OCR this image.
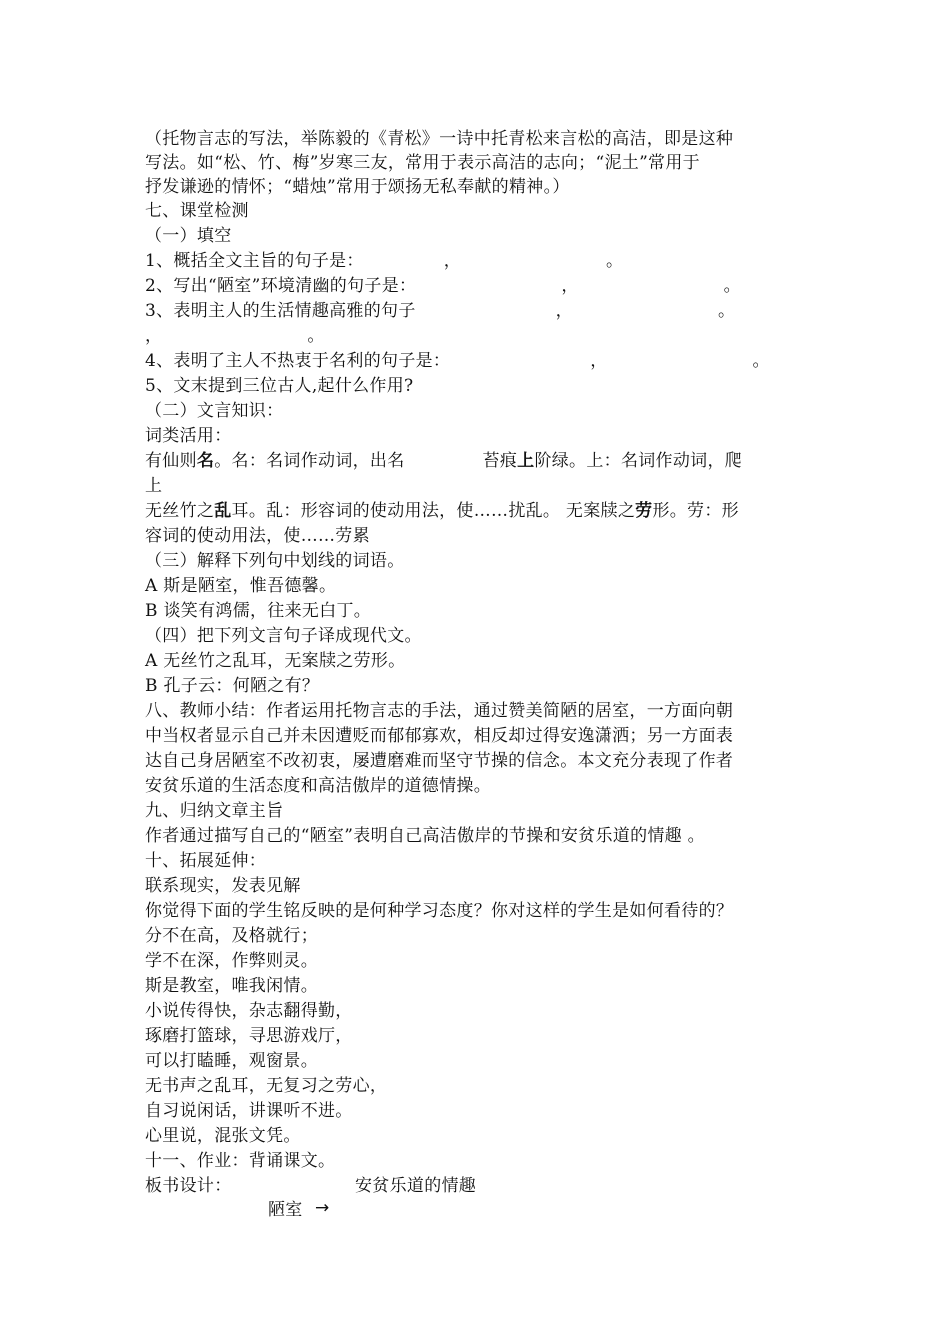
（托物言志的写法，举陈毅的《青松》一诗中托青松来言松的高洁，即是这种
写法。如“松、竹、梅”岁寒三友，常用于表示高洁的志向；“泥土”常用于
抒发谦逊的情怀；“蜡烛”常用于颂扬无私奉献的精神。）
七、课堂检测
（一）填空
1、概括全文主旨的句子是：	，	。
2、写出“陋室”环境清幽的句子是：	，	。
3、表明主人的生活情趣高雅的句子	，	。
，	。
4、表明了主人不热衷于名利的句子是：	，	。
5、文末提到三位古人,起什么作用?
（二）文言知识：
词类活用：
有仙则名。名：名词作动词，出名	苔痕上阶绿。上：名词作动词，爬
上
无丝竹之乱耳。乱：形容词的使动用法，使……扰乱。 无案牍之劳形。劳：形
容词的使动用法，使……劳累
（三）解释下列句中划线的词语。
A 斯是陋室，惟吾德馨。
B 谈笑有鸿儒，往来无白丁。
（四）把下列文言句子译成现代文。
A 无丝竹之乱耳，无案牍之劳形。
B 孔子云：何陋之有？
八、教师小结：作者运用托物言志的手法，通过赞美简陋的居室，一方面向朝
中当权者显示自己并未因遭贬而郁郁寡欢，相反却过得安逸潇洒；另一方面表
达自己身居陋室不改初衷，屡遭磨难而坚守节操的信念。本文充分表现了作者
安贫乐道的生活态度和高洁傲岸的道德情操。
九、归纳文章主旨
作者通过描写自己的“陋室”表明自己高洁傲岸的节操和安贫乐道的情趣 。
十、拓展延伸：
联系现实，发表见解
你觉得下面的学生铭反映的是何种学习态度？你对这样的学生是如何看待的？
分不在高，及格就行；
学不在深，作弊则灵。
斯是教室，唯我闲情。
小说传得快，杂志翻得勤，
琢磨打篮球，寻思游戏厅，
可以打瞌睡，观窗景。
无书声之乱耳，无复习之劳心，
自习说闲话，讲课听不进。
心里说，混张文凭。
十一、作业：背诵课文。
板书设计：	安贫乐道的情趣
陋室 →
